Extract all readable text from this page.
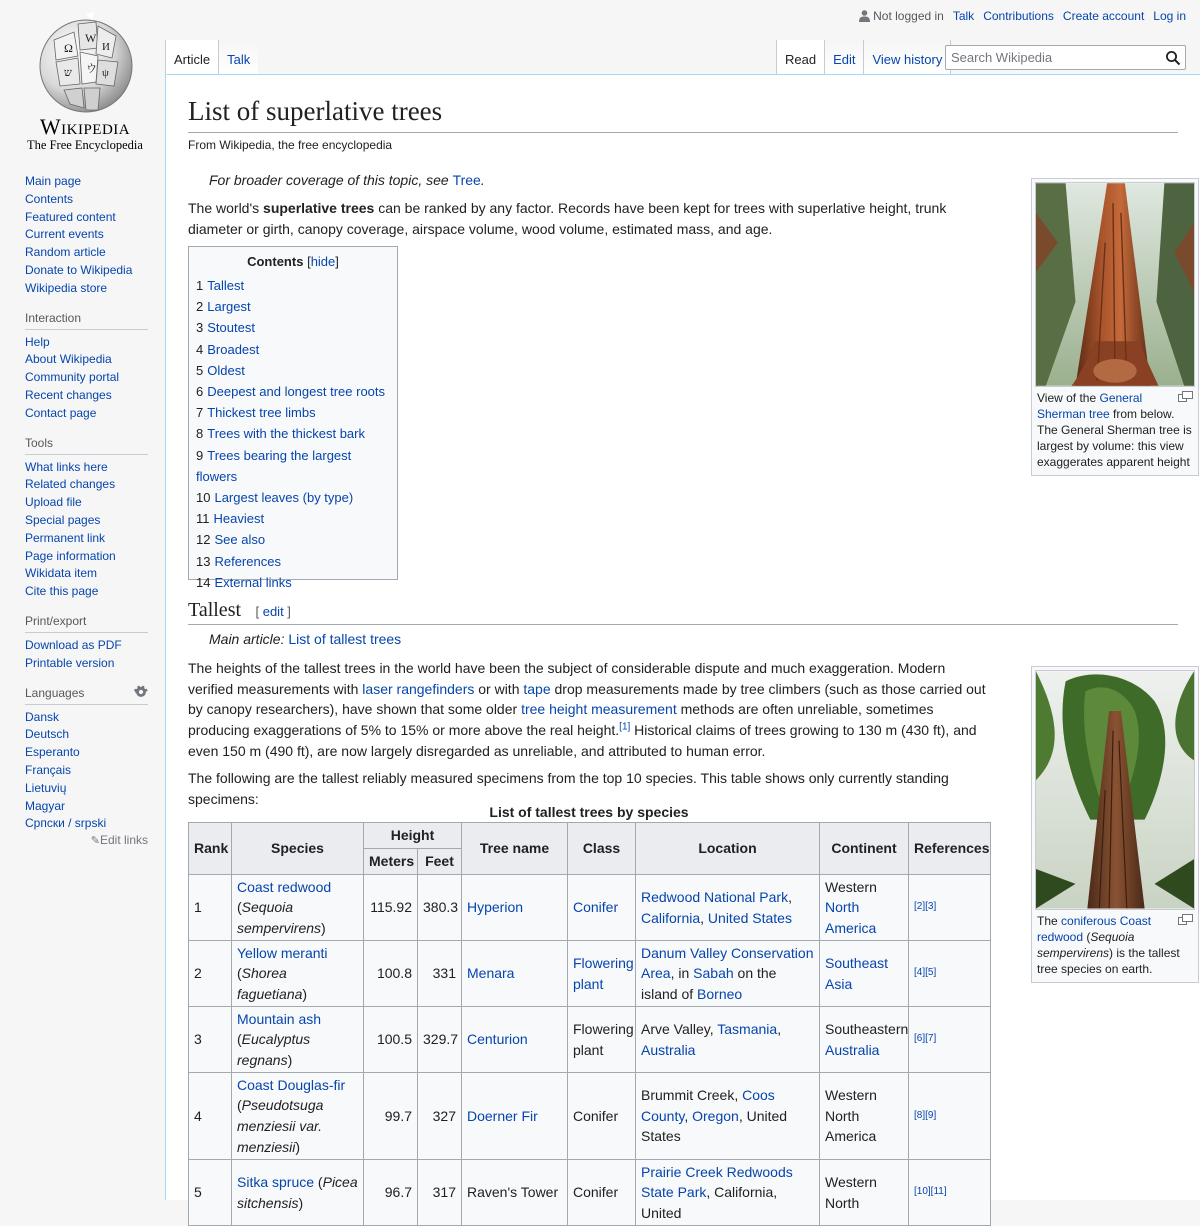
Ω
W
И
ウ
ש	ψ
Wikipedia
The Free Encyclopedia
Main page
Contents
Featured content
Current events
Random article
Donate to Wikipedia
Wikipedia store
Interaction
Help
About Wikipedia
Community portal
Recent changes
Contact page
Tools
What links here
Related changes
Upload file
Special pages
Permanent link
Page information
Wikidata item
Cite this page
Print/export
Download as PDF
Printable version
Languages
Dansk
Deutsch
Esperanto
Français
Lietuvių
Magyar
Српски / srpski
✎Edit links
Not logged in Talk Contributions Create account Log in
Article	Talk	Read	Edit	View history
Search Wikipedia
List of superlative trees
From Wikipedia, the free encyclopedia
For broader coverage of this topic, see Tree.
The world's superlative trees can be ranked by any factor. Records have been kept for trees with superlative height, trunk diameter or girth, canopy coverage, airspace volume, wood volume, estimated mass, and age.
Contents [hide]
1 Tallest
2 Largest
3 Stoutest
4 Broadest
5 Oldest
6 Deepest and longest tree roots
7 Thickest tree limbs
8 Trees with the thickest bark
9 Trees bearing the largest flowers
10 Largest leaves (by type)
11 Heaviest
12 See also
13 References
14 External links
View of the General Sherman tree from below. The General Sherman tree is largest by volume: this view exaggerates apparent height
Tallest [ edit ]
Main article: List of tallest trees
The heights of the tallest trees in the world have been the subject of considerable dispute and much exaggeration. Modern verified measurements with laser rangefinders or with tape drop measurements made by tree climbers (such as those carried out by canopy researchers), have shown that some older tree height measurement methods are often unreliable, sometimes producing exaggerations of 5% to 15% or more above the real height.[1] Historical claims of trees growing to 130 m (430 ft), and even 150 m (490 ft), are now largely disregarded as unreliable, and attributed to human error.
The following are the tallest reliably measured specimens from the top 10 species. This table shows only currently standing specimens:
The coniferous Coast redwood (Sequoia sempervirens) is the tallest tree species on earth.
List of tallest trees by species
Rank	Species	Height		Tree name	Class	Location	Continent	References
		Meters	Feet					
1	Coast redwood (Sequoia sempervirens)	115.92	380.3	Hyperion	Conifer	Redwood National Park, California, United States	Western North America	[2][3]
2	Yellow meranti (Shorea faguetiana)	100.8	331	Menara	Flowering plant	Danum Valley Conservation Area, in Sabah on the island of Borneo	Southeast Asia	[4][5]
3	Mountain ash (Eucalyptus regnans)	100.5	329.7	Centurion	Flowering plant	Arve Valley, Tasmania, Australia	Southeastern Australia	[6][7]
4	Coast Douglas-fir (Pseudotsuga menziesii var. menziesii)	99.7	327	Doerner Fir	Conifer	Brummit Creek, Coos County, Oregon, United States	Western North America	[8][9]
5	Sitka spruce (Picea sitchensis)	96.7	317	Raven's Tower	Conifer	Prairie Creek Redwoods State Park, California, United	Western North	[10][11]
